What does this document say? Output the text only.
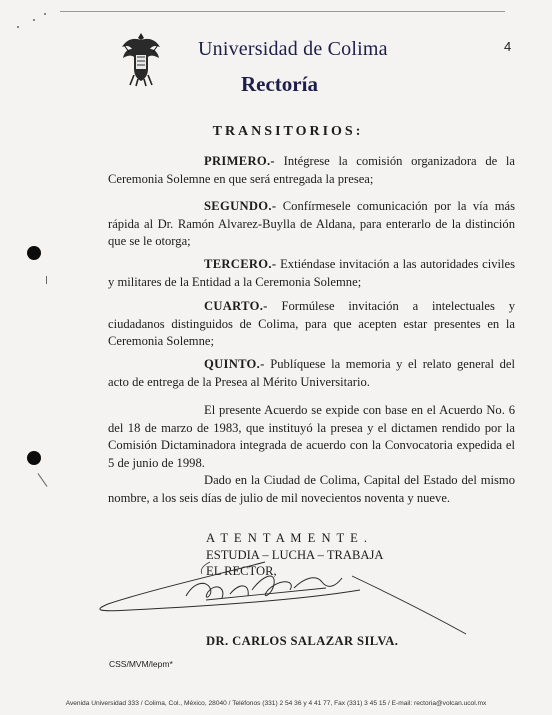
Universidad de Colima
Rectoría
4
TRANSITORIOS:

PRIMERO.- Intégrese la comisión organizadora de la Ceremonia Solemne en que será entregada la presea;

SEGUNDO.- Confírmesele comunicación por la vía más rápida al Dr. Ramón Alvarez-Buylla de Aldana, para enterarlo de la distinción que se le otorga;

TERCERO.- Extiéndase invitación a las autoridades civiles y militares de la Entidad a la Ceremonia Solemne;

CUARTO.- Formúlese invitación a intelectuales y ciudadanos distinguidos de Colima, para que acepten estar presentes en la Ceremonia Solemne;

QUINTO.- Publíquese la memoria y el relato general del acto de entrega de la Presea al Mérito Universitario.

El presente Acuerdo se expide con base en el Acuerdo No. 6 del 18 de marzo de 1983, que instituyó la presea y el dictamen rendido por la Comisión Dictaminadora integrada de acuerdo con la Convocatoria expedida el 5 de junio de 1998.

Dado en la Ciudad de Colima, Capital del Estado del mismo nombre, a los seis días de julio de mil novecientos noventa y nueve.

A T E N T A M E N T E .
ESTUDIA – LUCHA – TRABAJA
EL RECTOR,
DR. CARLOS SALAZAR SILVA.
CSS/MVM/lepm*
Avenida Universidad 333 / Colima, Col., México, 28040 / Teléfonos (331) 2 54 36 y 4 41 77, Fax (331) 3 45 15 / E-mail: rectoria@volcan.ucol.mx
